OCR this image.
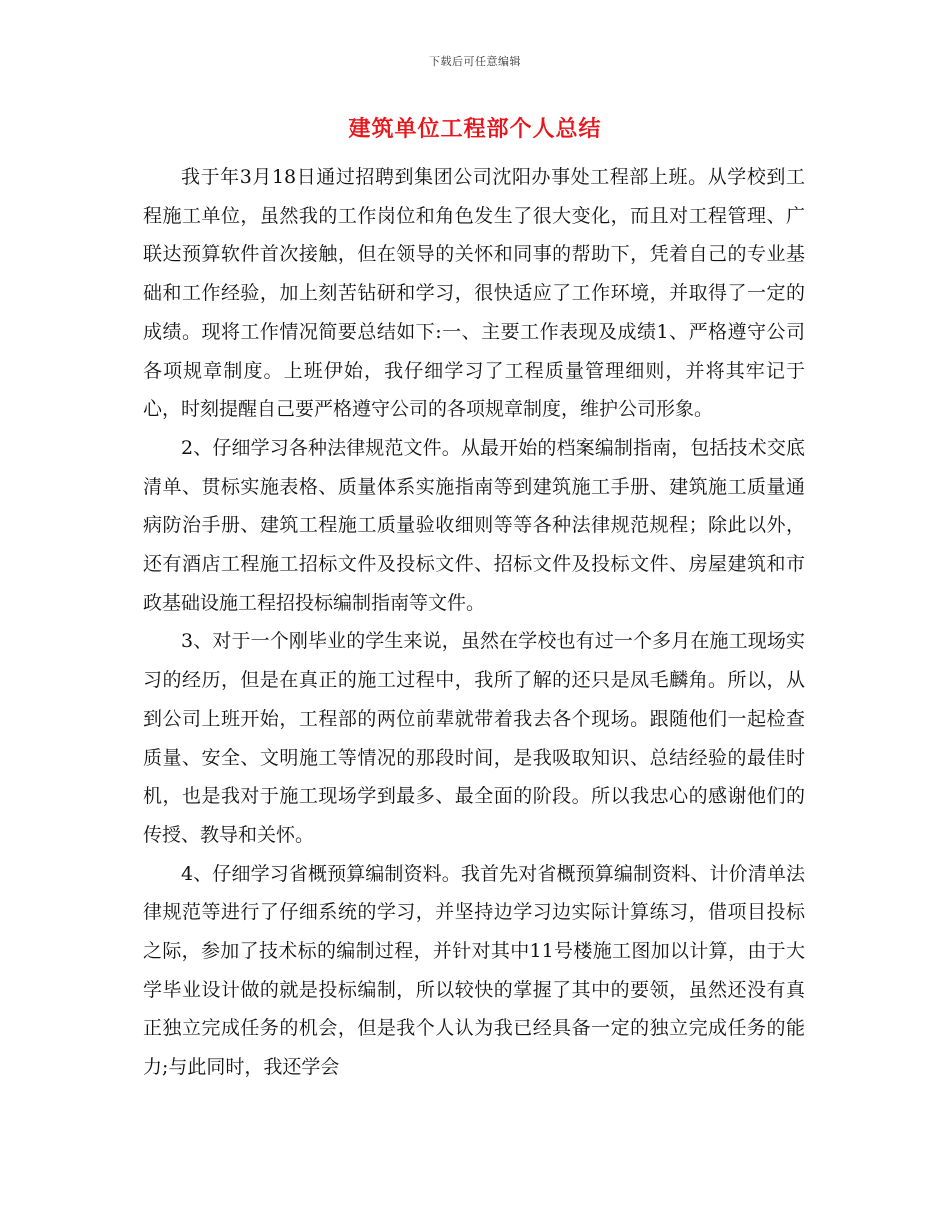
下载后可任意编辑
建筑单位工程部个人总结

我于年3月18日通过招聘到集团公司沈阳办事处工程部上班。从学校到工程施工单位，虽然我的工作岗位和角色发生了很大变化，而且对工程管理、广联达预算软件首次接触，但在领导的关怀和同事的帮助下，凭着自己的专业基础和工作经验，加上刻苦钻研和学习，很快适应了工作环境，并取得了一定的成绩。现将工作情况简要总结如下:一、主要工作表现及成绩1、严格遵守公司各项规章制度。上班伊始，我仔细学习了工程质量管理细则，并将其牢记于心，时刻提醒自己要严格遵守公司的各项规章制度，维护公司形象。

2、仔细学习各种法律规范文件。从最开始的档案编制指南，包括技术交底清单、贯标实施表格、质量体系实施指南等到建筑施工手册、建筑施工质量通病防治手册、建筑工程施工质量验收细则等等各种法律规范规程；除此以外，还有酒店工程施工招标文件及投标文件、招标文件及投标文件、房屋建筑和市政基础设施工程招投标编制指南等文件。

3、对于一个刚毕业的学生来说，虽然在学校也有过一个多月在施工现场实习的经历，但是在真正的施工过程中，我所了解的还只是凤毛麟角。所以，从到公司上班开始，工程部的两位前辈就带着我去各个现场。跟随他们一起检查质量、安全、文明施工等情况的那段时间，是我吸取知识、总结经验的最佳时机，也是我对于施工现场学到最多、最全面的阶段。所以我忠心的感谢他们的传授、教导和关怀。

4、仔细学习省概预算编制资料。我首先对省概预算编制资料、计价清单法律规范等进行了仔细系统的学习，并坚持边学习边实际计算练习，借项目投标之际，参加了技术标的编制过程，并针对其中11号楼施工图加以计算，由于大学毕业设计做的就是投标编制，所以较快的掌握了其中的要领，虽然还没有真正独立完成任务的机会，但是我个人认为我已经具备一定的独立完成任务的能力;与此同时，我还学会
